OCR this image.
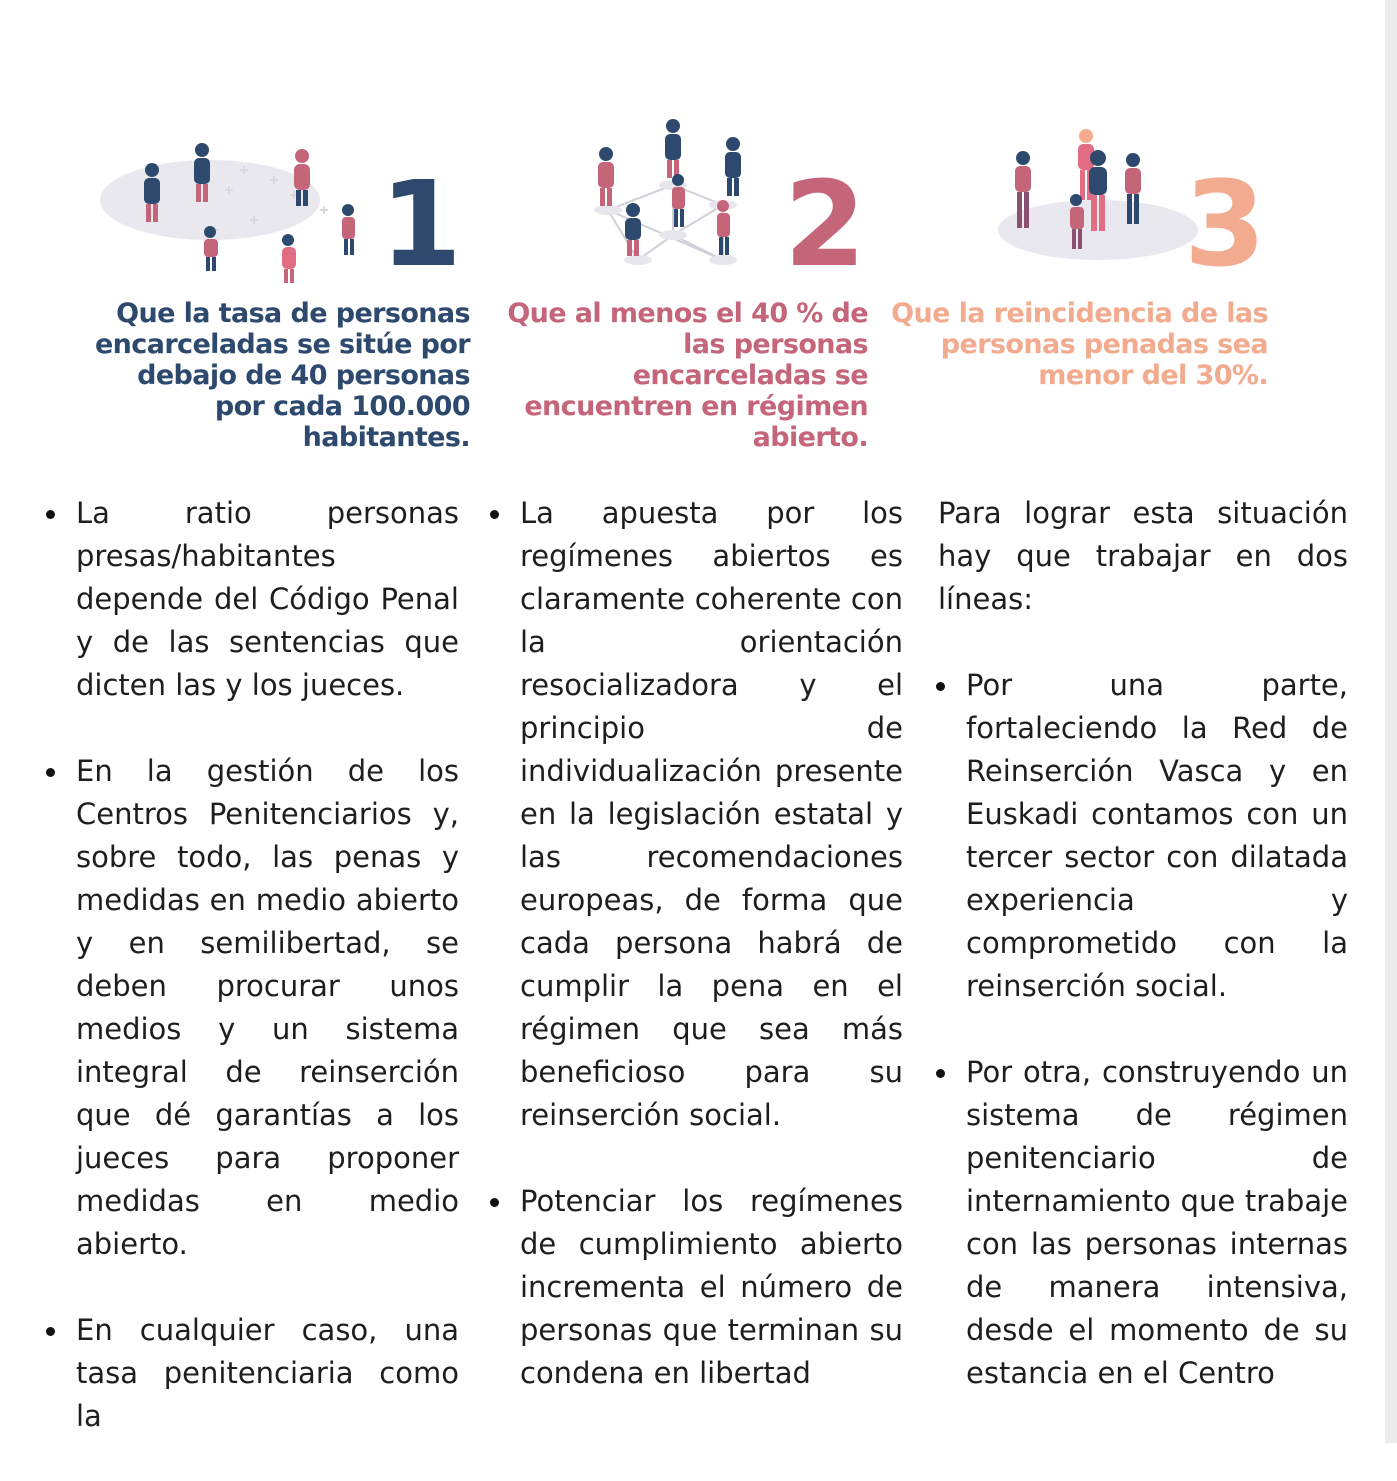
1
Que la tasa de personas encarceladas se sitúe por debajo de 40 personas por cada 100.000 habitantes.
2
Que al menos el 40 % de las personas encarceladas se encuentren en régimen abierto.
3
Que la reincidencia de las personas penadas sea menor del 30%.
La ratio personas presas/habitantes depende del Código Penal y de las sentencias que dicten las y los jueces.
En la gestión de los Centros Penitenciarios y, sobre todo, las penas y medidas en medio abierto y en semilibertad, se deben procurar unos medios y un sistema integral de reinserción que dé garantías a los jueces para proponer medidas en medio abierto.
En cualquier caso, una tasa penitenciaria como la
La apuesta por los regímenes abiertos es claramente coherente con la orientación resocializadora y el principio de individualización presente en la legislación estatal y las recomendaciones europeas, de forma que cada persona habrá de cumplir la pena en el régimen que sea más beneficioso para su reinserción social.
Potenciar los regímenes de cumplimiento abierto incrementa el número de personas que terminan su condena en libertad

Para lograr esta situación hay que trabajar en dos líneas:

Por una parte, fortaleciendo la Red de Reinserción Vasca y en Euskadi contamos con un tercer sector con dilatada experiencia y comprometido con la reinserción social.
Por otra, construyendo un sistema de régimen penitenciario de internamiento que trabaje con las personas internas de manera intensiva, desde el momento de su estancia en el Centro
